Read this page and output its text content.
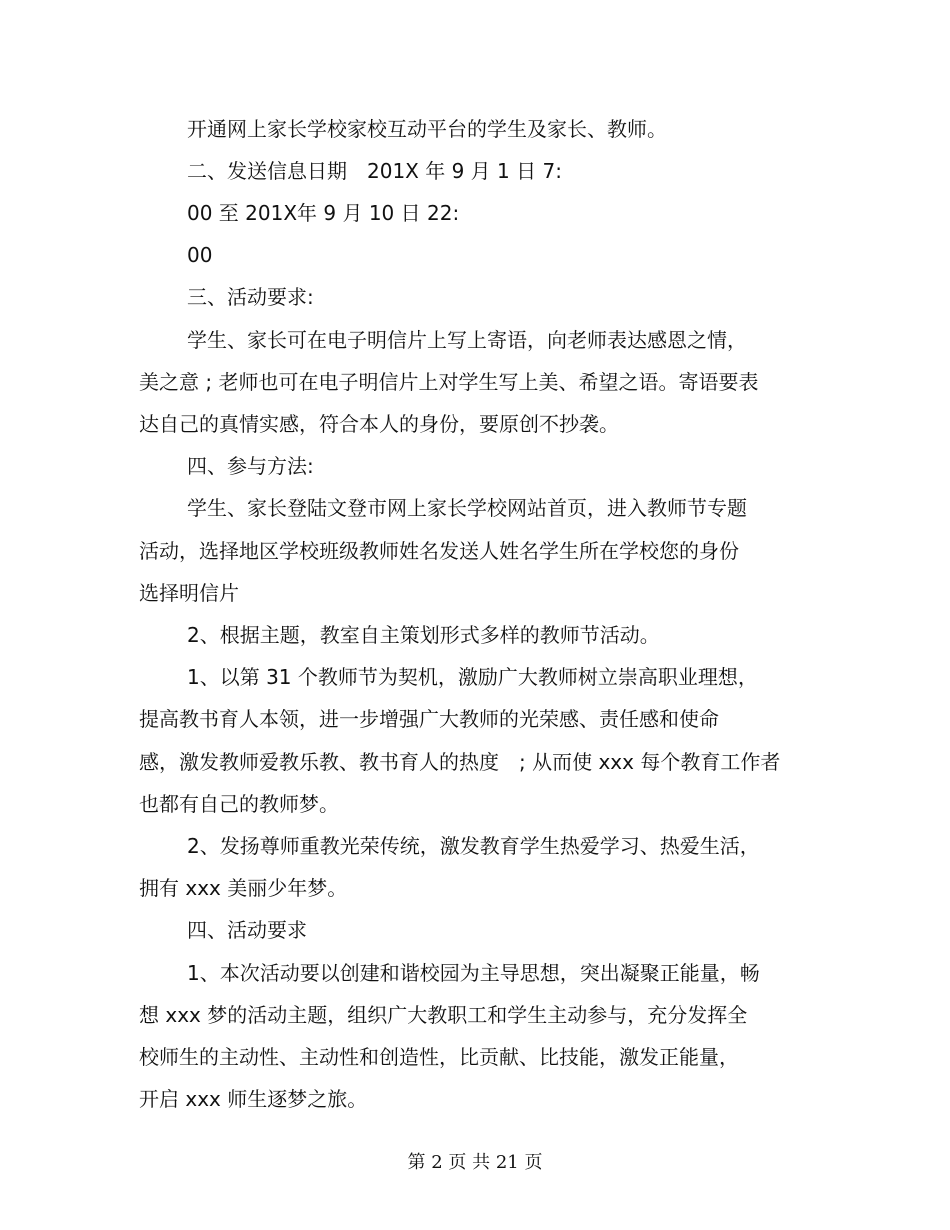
开通网上家长学校家校互动平台的学生及家长、教师。
二、发送信息日期　201X 年 9 月 1 日 7:
00 至 201X年 9 月 10 日 22:
00
三、活动要求:
学生、家长可在电子明信片上写上寄语，向老师表达感恩之情，
美之意 ; 老师也可在电子明信片上对学生写上美、希望之语。寄语要表
达自己的真情实感，符合本人的身份，要原创不抄袭。
四、参与方法:
学生、家长登陆文登市网上家长学校网站首页，进入教师节专题
活动，选择地区学校班级教师姓名发送人姓名学生所在学校您的身份
选择明信片
2、根据主题，教室自主策划形式多样的教师节活动。
1、以第 31 个教师节为契机，激励广大教师树立崇高职业理想，
提高教书育人本领，进一步增强广大教师的光荣感、责任感和使命
感，激发教师爱教乐教、教书育人的热度　; 从而使 xxx 每个教育工作者
也都有自己的教师梦。
2、发扬尊师重教光荣传统，激发教育学生热爱学习、热爱生活，
拥有 xxx 美丽少年梦。
四、活动要求
1、本次活动要以创建和谐校园为主导思想，突出凝聚正能量，畅
想 xxx 梦的活动主题，组织广大教职工和学生主动参与，充分发挥全
校师生的主动性、主动性和创造性，比贡献、比技能，激发正能量，
开启 xxx 师生逐梦之旅。
第 2 页 共 21 页
